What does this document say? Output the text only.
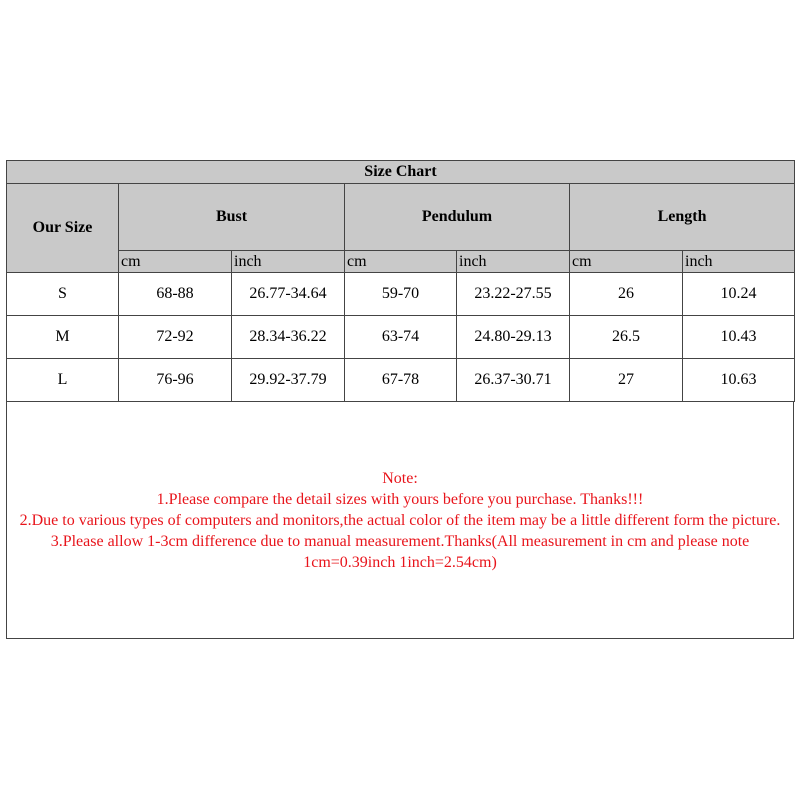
Size Chart						
Our Size	Bust		Pendulum		Length	
	cm	inch	cm	inch	cm	inch
S	68-88	26.77-34.64	59-70	23.22-27.55	26	10.24
M	72-92	28.34-36.22	63-74	24.80-29.13	26.5	10.43
L	76-96	29.92-37.79	67-78	26.37-30.71	27	10.63
Note:
1.Please compare the detail sizes with yours before you purchase. Thanks!!!
2.Due to various types of computers and monitors,the actual color of the item may be a little different form the picture.
3.Please allow 1-3cm difference due to manual measurement.Thanks(All measurement in cm and please note 1cm=0.39inch 1inch=2.54cm)
